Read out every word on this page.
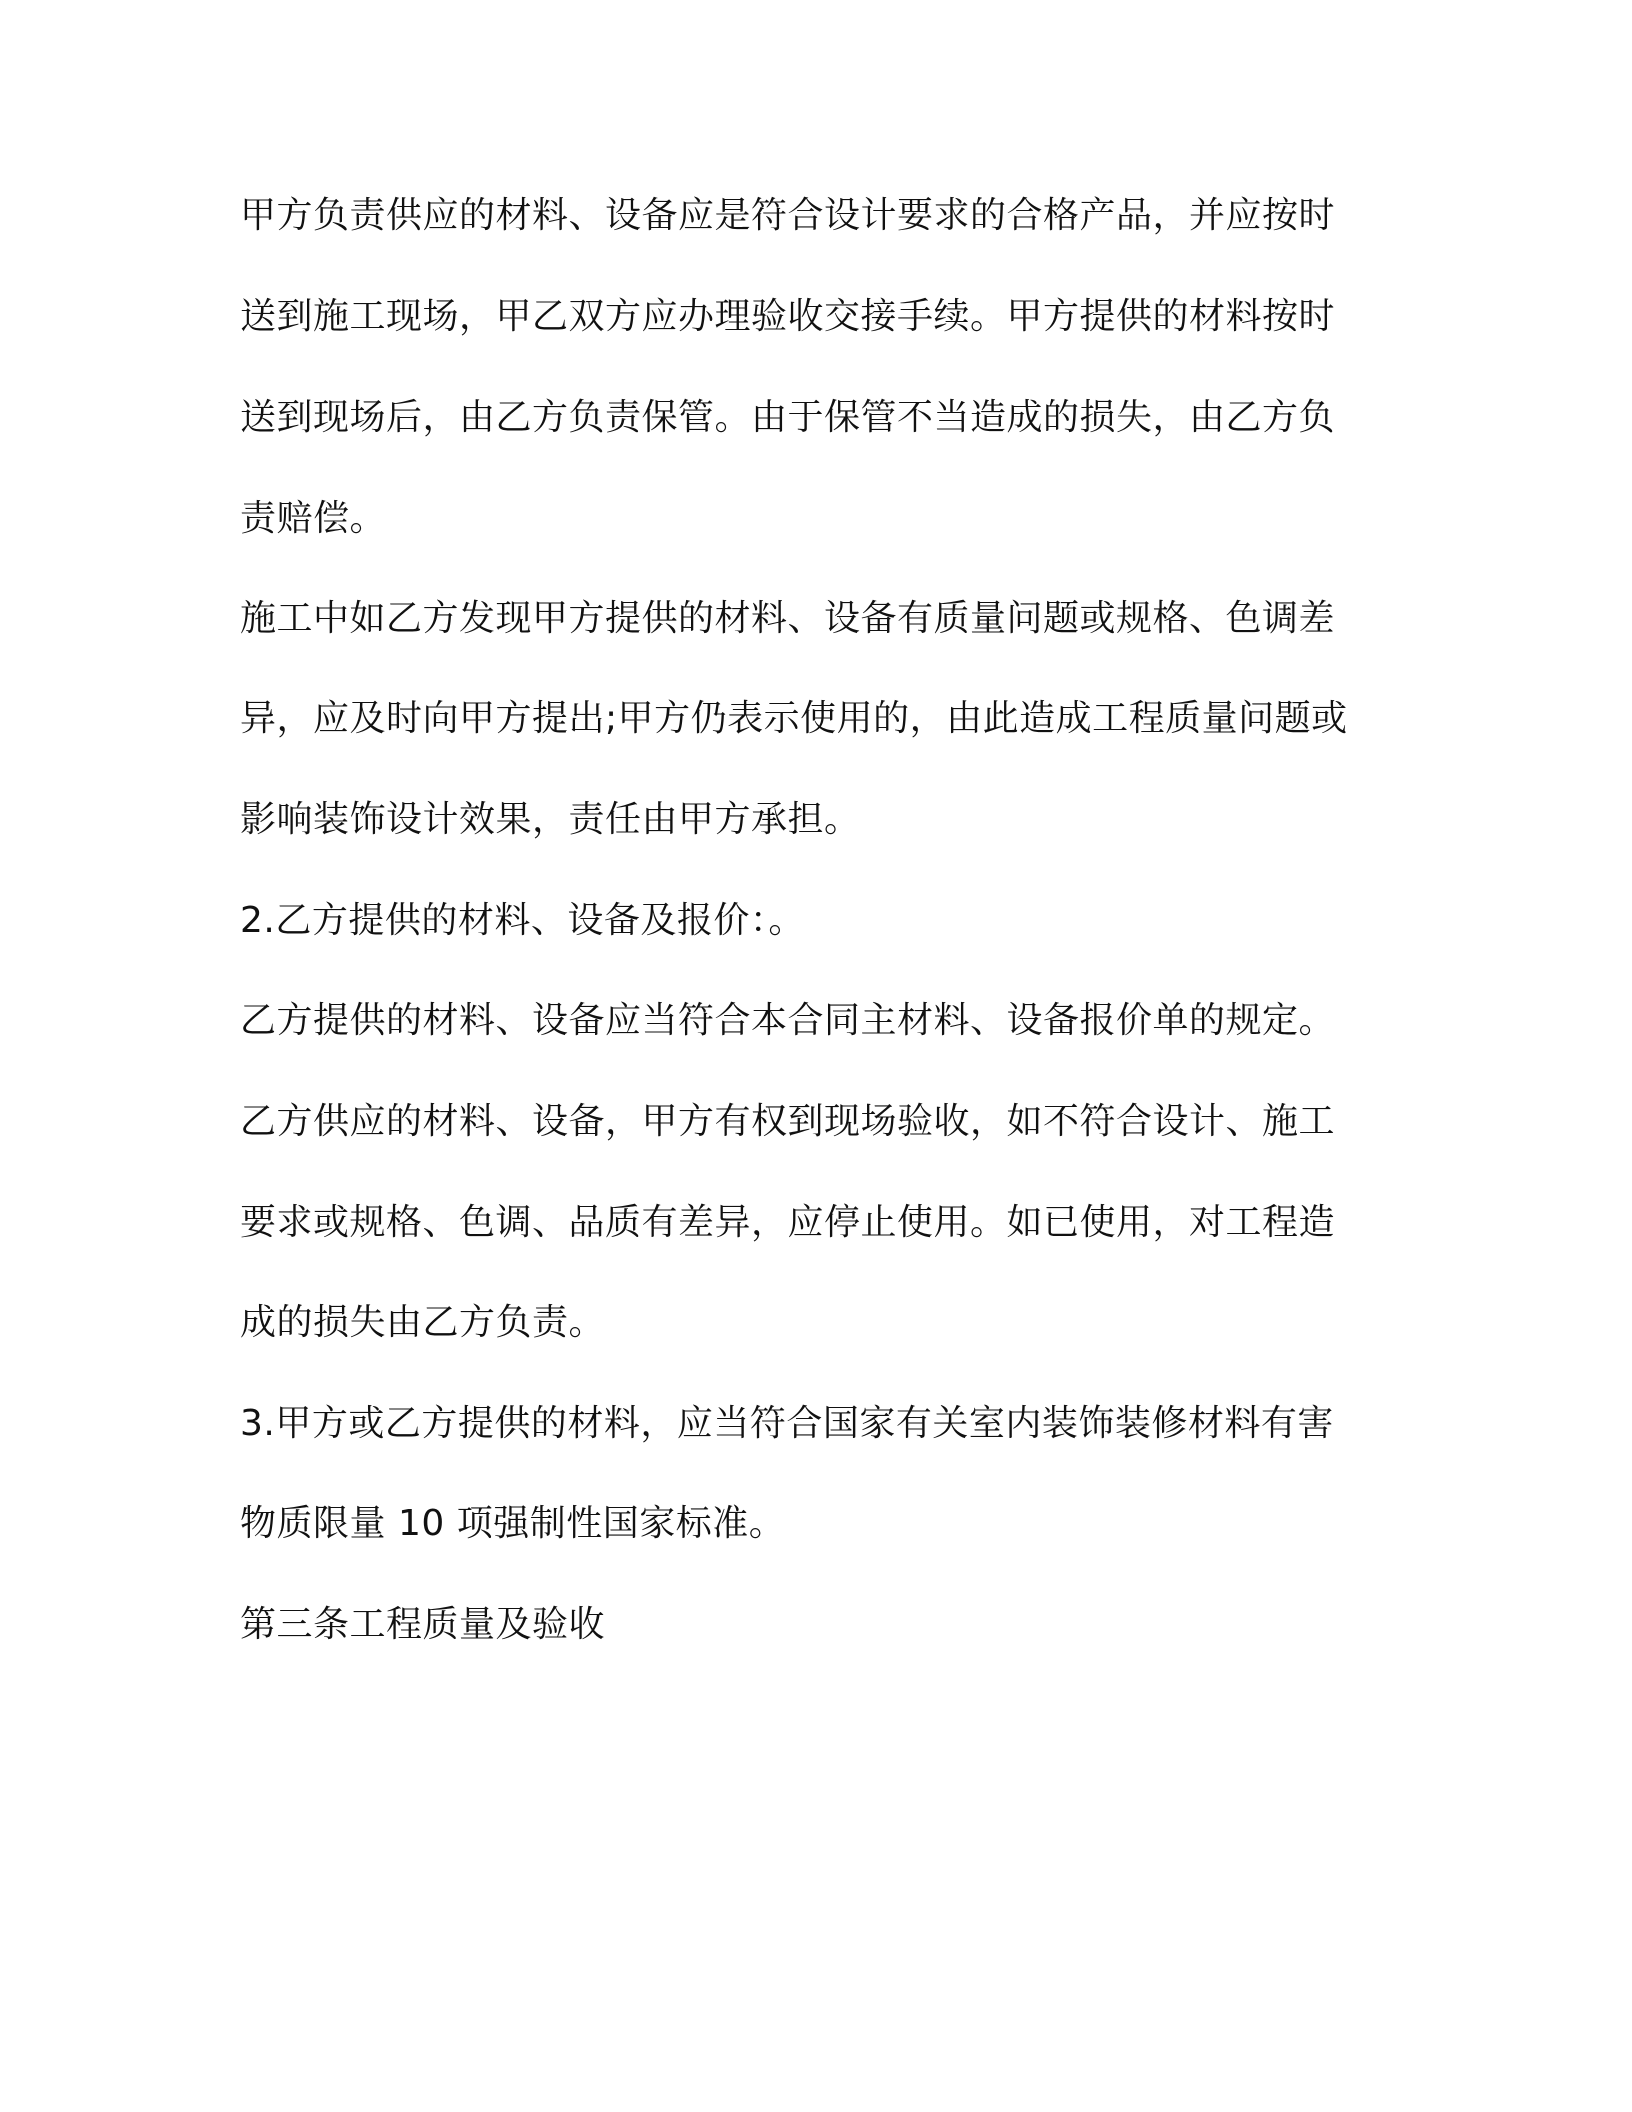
甲方负责供应的材料、设备应是符合设计要求的合格产品，并应按时
送到施工现场，甲乙双方应办理验收交接手续。甲方提供的材料按时
送到现场后，由乙方负责保管。由于保管不当造成的损失，由乙方负
责赔偿。
施工中如乙方发现甲方提供的材料、设备有质量问题或规格、色调差
异，应及时向甲方提出;甲方仍表示使用的，由此造成工程质量问题或
影响装饰设计效果，责任由甲方承担。
2.乙方提供的材料、设备及报价：。
乙方提供的材料、设备应当符合本合同主材料、设备报价单的规定。
乙方供应的材料、设备，甲方有权到现场验收，如不符合设计、施工
要求或规格、色调、品质有差异，应停止使用。如已使用，对工程造
成的损失由乙方负责。
3.甲方或乙方提供的材料，应当符合国家有关室内装饰装修材料有害
物质限量 10 项强制性国家标准。
第三条工程质量及验收
